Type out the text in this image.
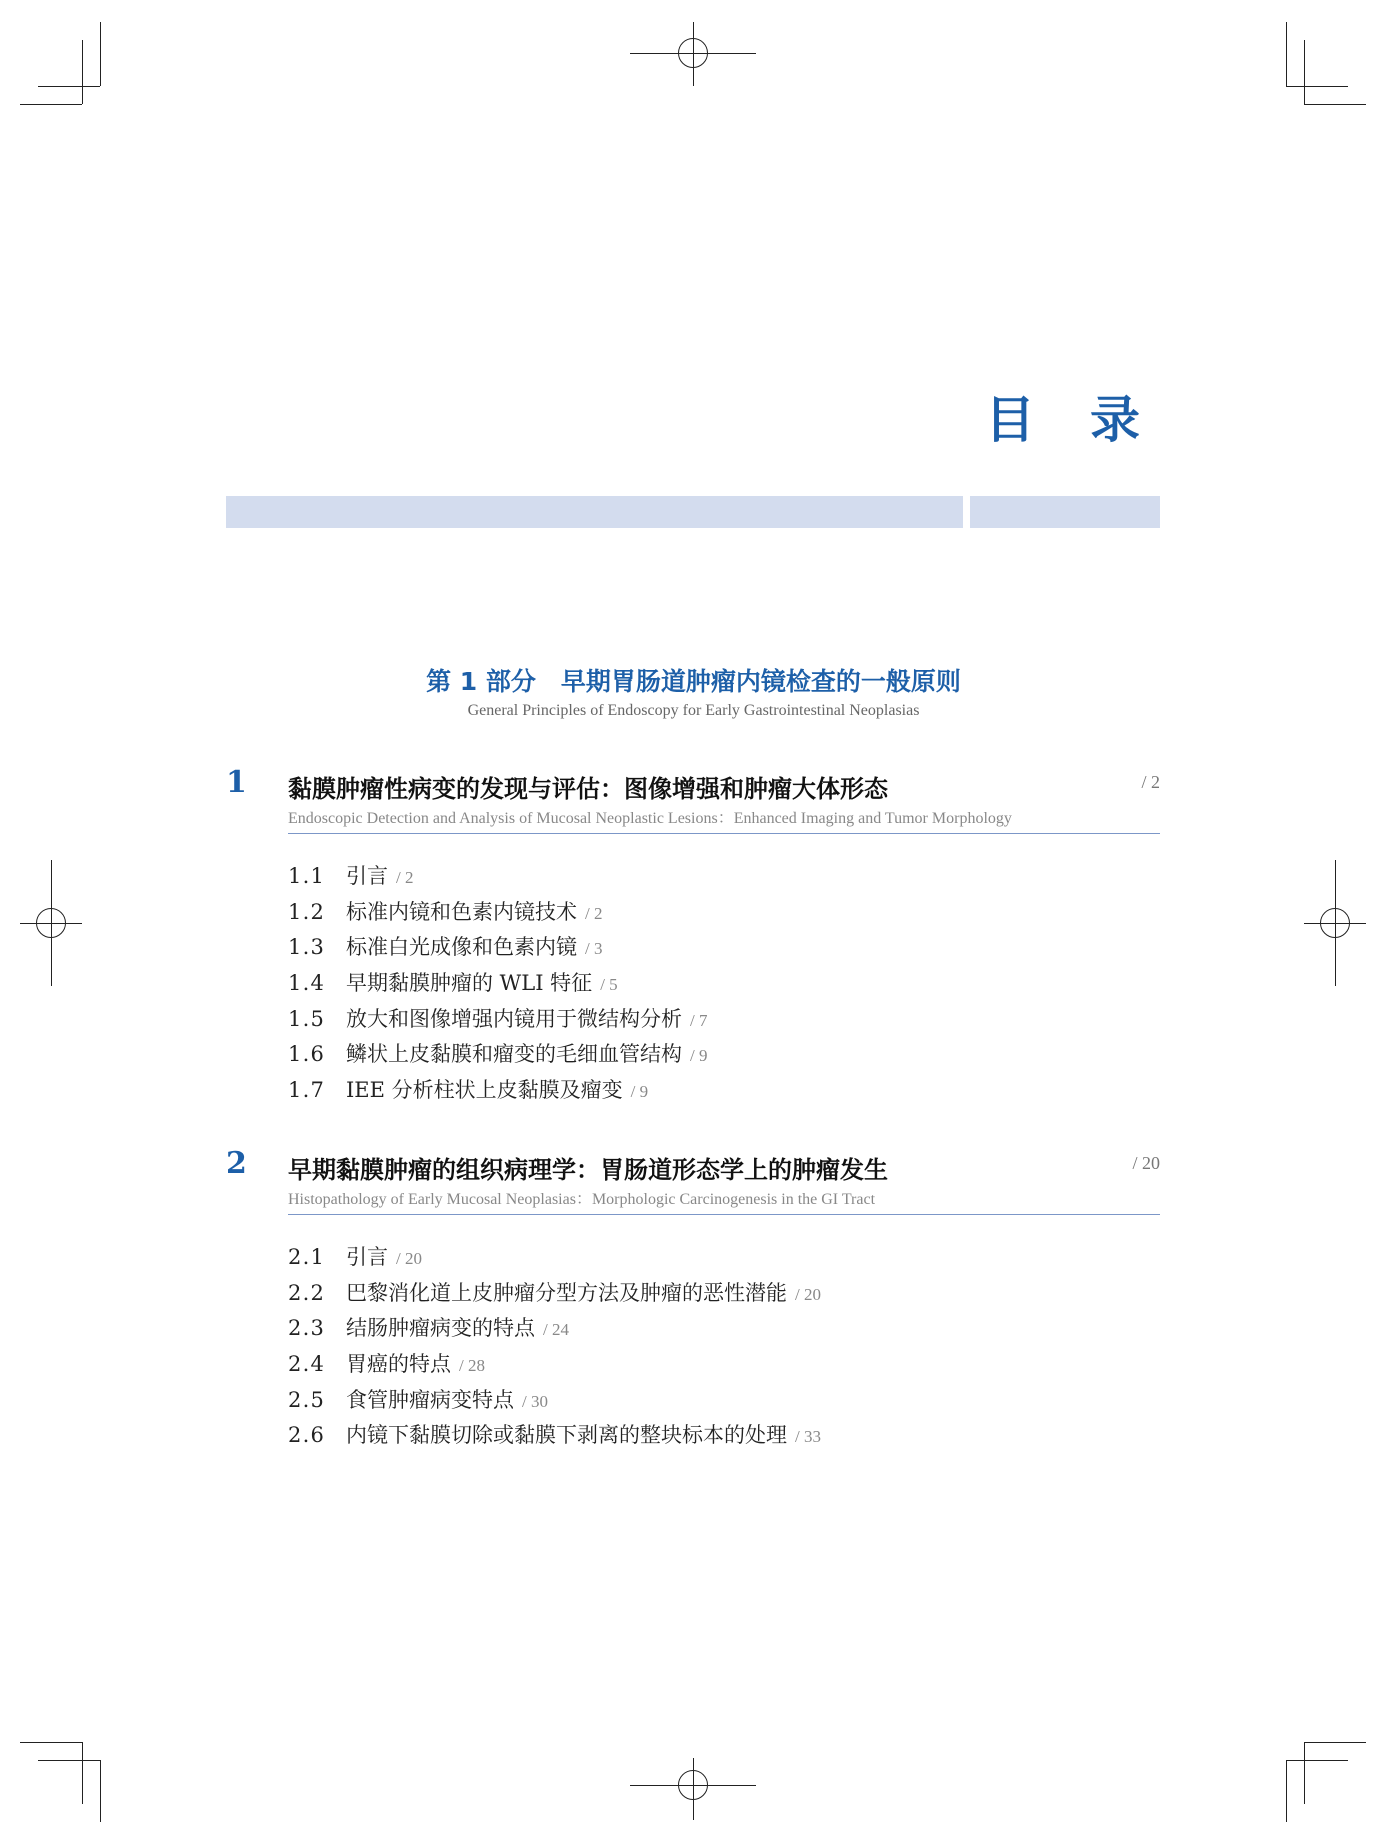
目　录
第 1 部分　早期胃肠道肿瘤内镜检查的一般原则
General Principles of Endoscopy for Early Gastrointestinal Neoplasias
1 黏膜肿瘤性病变的发现与评估：图像增强和肿瘤大体形态	/ 2
Endoscopic Detection and Analysis of Mucosal Neoplastic Lesions：Enhanced Imaging and Tumor Morphology
1.1 引言 / 2
1.2 标准内镜和色素内镜技术 / 2
1.3 标准白光成像和色素内镜 / 3
1.4 早期黏膜肿瘤的 WLI 特征 / 5
1.5 放大和图像增强内镜用于微结构分析 / 7
1.6 鳞状上皮黏膜和瘤变的毛细血管结构 / 9
1.7 IEE 分析柱状上皮黏膜及瘤变 / 9
2 早期黏膜肿瘤的组织病理学：胃肠道形态学上的肿瘤发生	/ 20
Histopathology of Early Mucosal Neoplasias：Morphologic Carcinogenesis in the GI Tract
2.1 引言 / 20
2.2 巴黎消化道上皮肿瘤分型方法及肿瘤的恶性潜能 / 20
2.3 结肠肿瘤病变的特点 / 24
2.4 胃癌的特点 / 28
2.5 食管肿瘤病变特点 / 30
2.6 内镜下黏膜切除或黏膜下剥离的整块标本的处理 / 33
